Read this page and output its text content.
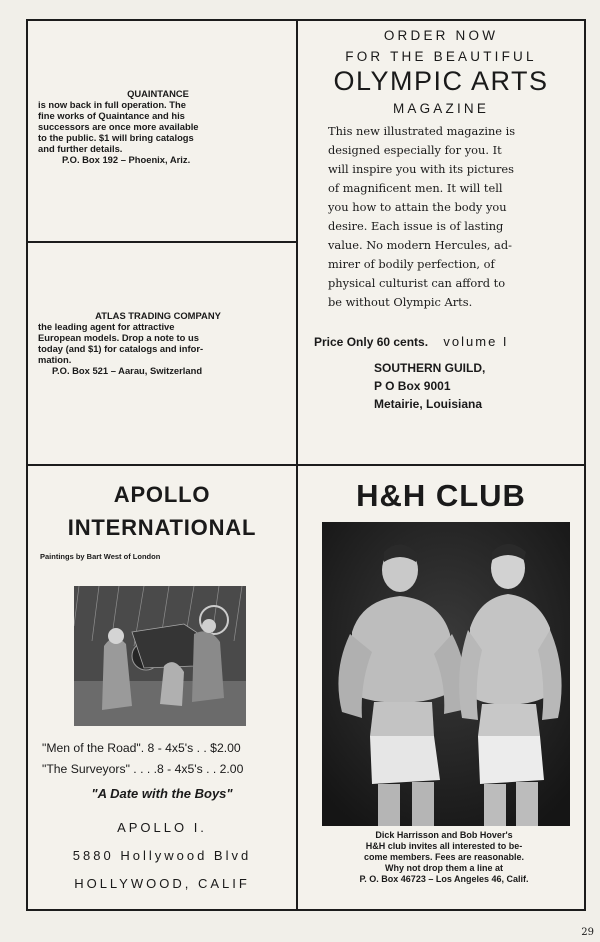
QUAINTANCE
is now back in full operation. The
fine works of Quaintance and his
successors are once more available
to the public. $1 will bring catalogs
and further details.
P.O. Box 192 – Phoenix, Ariz.
ATLAS TRADING COMPANY
the leading agent for attractive
European models. Drop a note to us
today (and $1) for catalogs and infor-
mation.
P.O. Box 521 – Aarau, Switzerland
ORDER NOW
FOR THE BEAUTIFUL
OLYMPIC ARTS
MAGAZINE
This new illustrated magazine is
designed especially for you. It
will inspire you with its pictures
of magnificent men. It will tell
you how to attain the body you
desire. Each issue is of lasting
value. No modern Hercules, ad-
mirer of bodily perfection, of
physical culturist can afford to
be without Olympic Arts.
Price Only 60 cents. volume I
SOUTHERN GUILD,
P O Box 9001
Metairie, Louisiana
APOLLO
INTERNATIONAL
Paintings by Bart West of London
"Men of the Road". 8 - 4x5's . . $2.00
"The Surveyors" . . . .8 - 4x5's . . 2.00
"A Date with the Boys"
APOLLO I.
5880 Hollywood Blvd
HOLLYWOOD, CALIF
H&H CLUB
Dick Harrisson and Bob Hover's
H&H club invites all interested to be-
come members. Fees are reasonable.
Why not drop them a line at
P. O. Box 46723 – Los Angeles 46, Calif.
29
